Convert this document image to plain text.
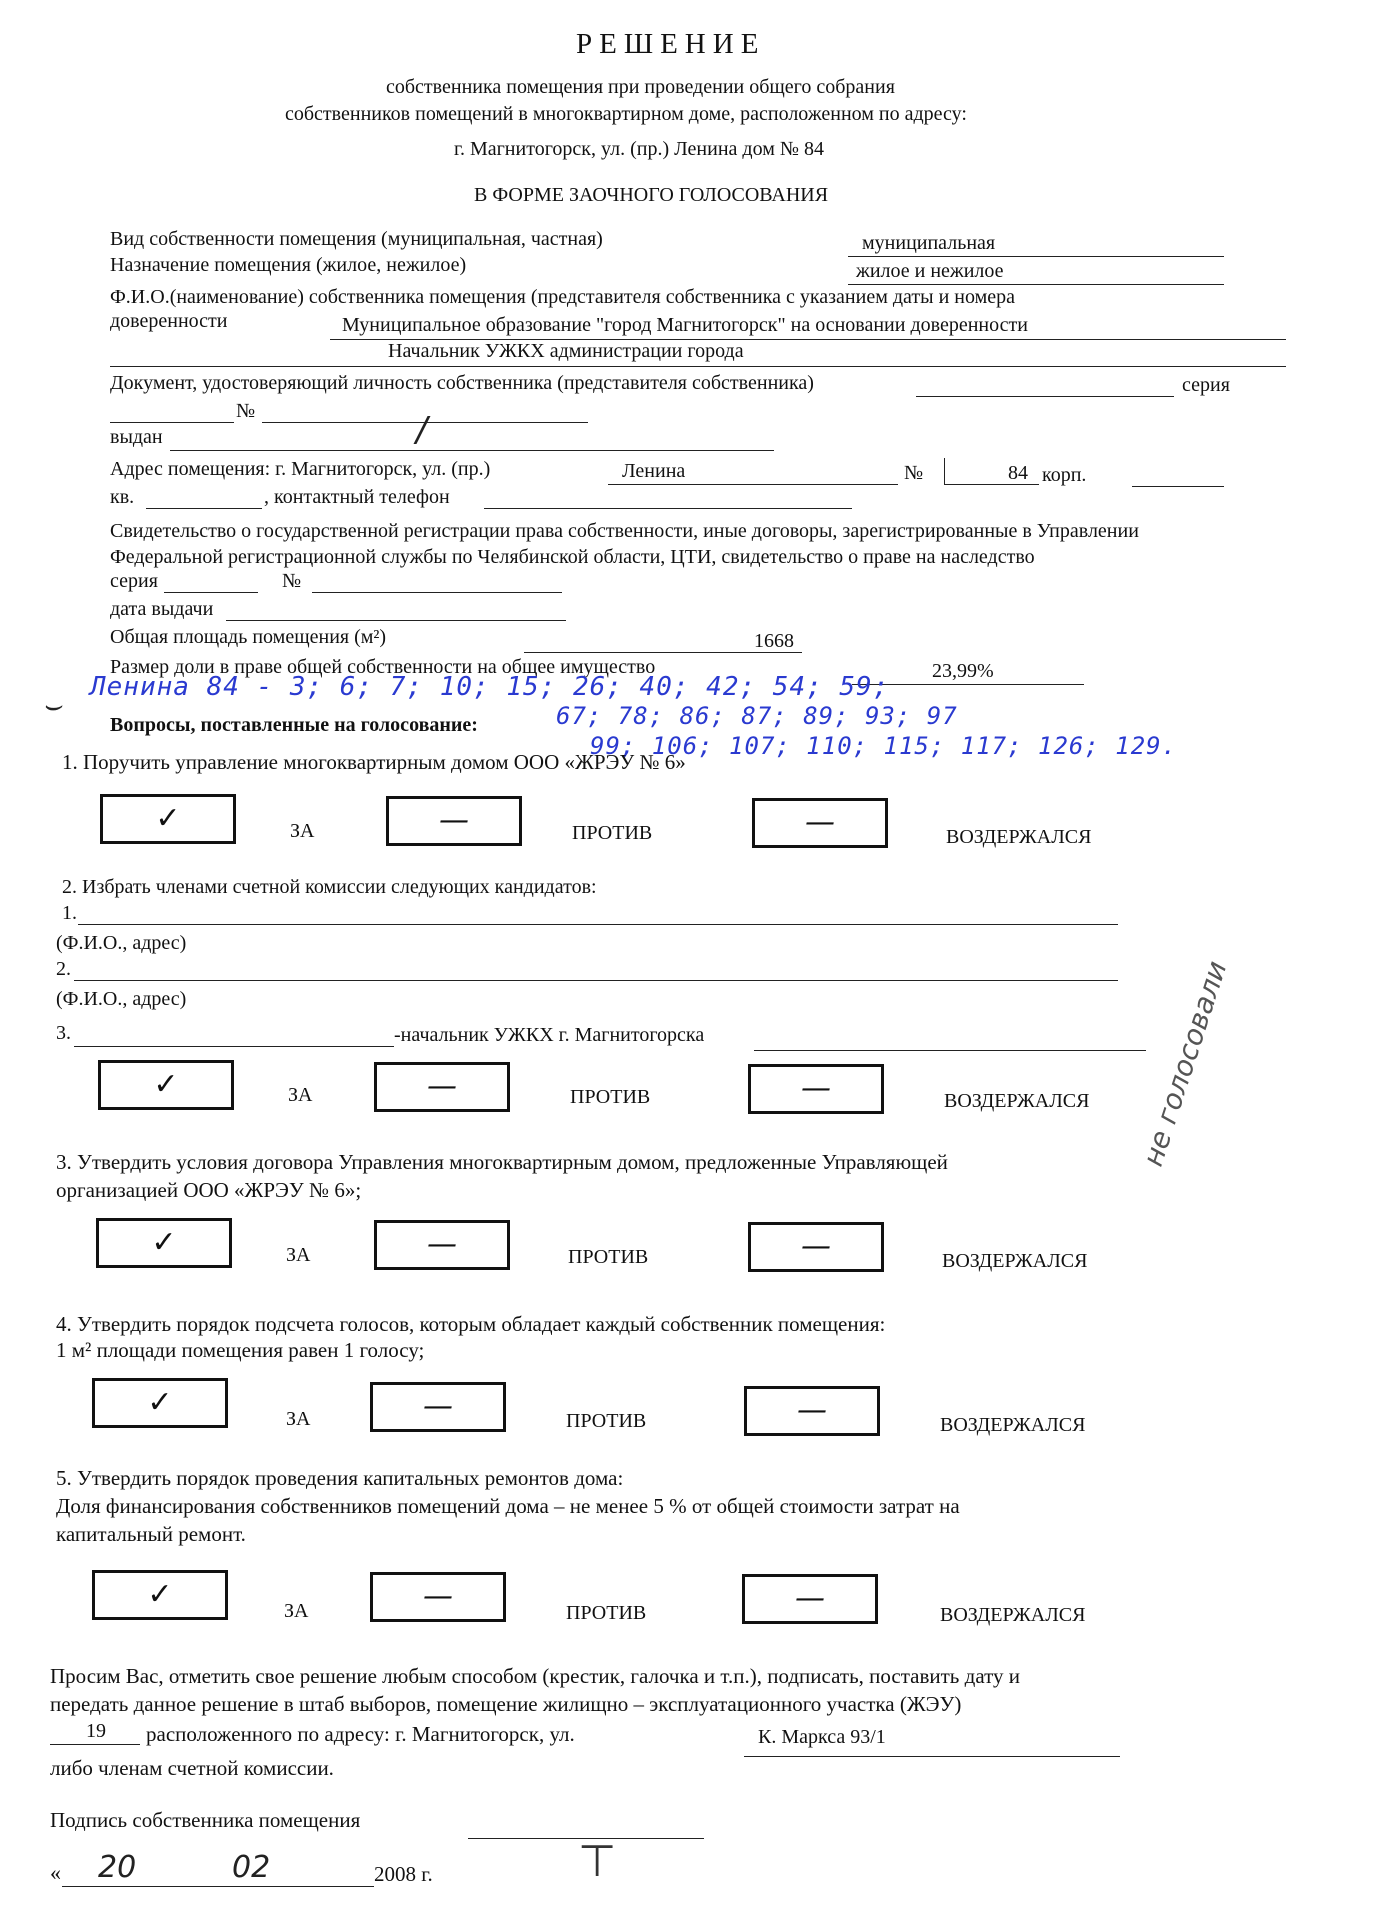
РЕШЕНИЕ
собственника помещения при проведении общего собрания
собственников помещений в многоквартирном доме, расположенном по адресу:
г. Магнитогорск, ул. (пр.) Ленина дом № 84
В ФОРМЕ ЗАОЧНОГО ГОЛОСОВАНИЯ
Вид собственности помещения (муниципальная, частная)	муниципальная
Назначение помещения (жилое, нежилое)	жилое и нежилое
Ф.И.О.(наименование) собственника помещения (представителя собственника с указанием даты и номера
доверенности	Муниципальное образование "город Магнитогорск" на основании доверенности
Начальник УЖКХ администрации города
Документ, удостоверяющий личность собственника (представителя собственника)	серия
№
выдан	/
Адрес помещения: г. Магнитогорск, ул. (пр.)	Ленина	№	84 корп.
кв.	, контактный телефон
Свидетельство о государственной регистрации права собственности, иные договоры, зарегистрированные в Управлении
Федеральной регистрационной службы по Челябинской области, ЦТИ, свидетельство о праве на наследство
серия	№
дата выдачи
Общая площадь помещения (м²)	1668
Размер доли в праве общей собственности на общее имущество	23,99%
⌣
Ленина 84 - 3; 6; 7; 10; 15; 26; 40; 42; 54; 59;
67; 78; 86; 87; 89; 93; 97
99; 106; 107; 110; 115; 117; 126; 129.
Вопросы, поставленные на голосование:
1. Поручить управление многоквартирным домом ООО «ЖРЭУ № 6»
✓	ЗА	—	ПРОТИВ	—	ВОЗДЕРЖАЛСЯ
2. Избрать членами счетной комиссии следующих кандидатов:
1.
(Ф.И.О., адрес)
2.
(Ф.И.О., адрес)
3.	-начальник УЖКХ г. Магнитогорска
✓	ЗА	—	ПРОТИВ	—	ВОЗДЕРЖАЛСЯ
3. Утвердить условия договора Управления многоквартирным домом, предложенные Управляющей
организацией ООО «ЖРЭУ № 6»;
✓	ЗА	—	ПРОТИВ	—	ВОЗДЕРЖАЛСЯ
не голосовали
4. Утвердить порядок подсчета голосов, которым обладает каждый собственник помещения:
1 м² площади помещения равен 1 голосу;
✓	ЗА	—	ПРОТИВ	—	ВОЗДЕРЖАЛСЯ
5. Утвердить порядок проведения капитальных ремонтов дома:
Доля финансирования собственников помещений дома – не менее 5 % от общей стоимости затрат на
капитальный ремонт.
✓	ЗА	—	ПРОТИВ	—	ВОЗДЕРЖАЛСЯ
Просим Вас, отметить свое решение любым способом (крестик, галочка и т.п.), подписать, поставить дату и
передать данное решение в штаб выборов, помещение жилищно – эксплуатационного участка (ЖЭУ)
19 расположенного по адресу: г. Магнитогорск, ул.	К. Маркса 93/1
либо членам счетной комиссии.
Подпись собственника помещения
⊤
« 20	02	2008 г.
